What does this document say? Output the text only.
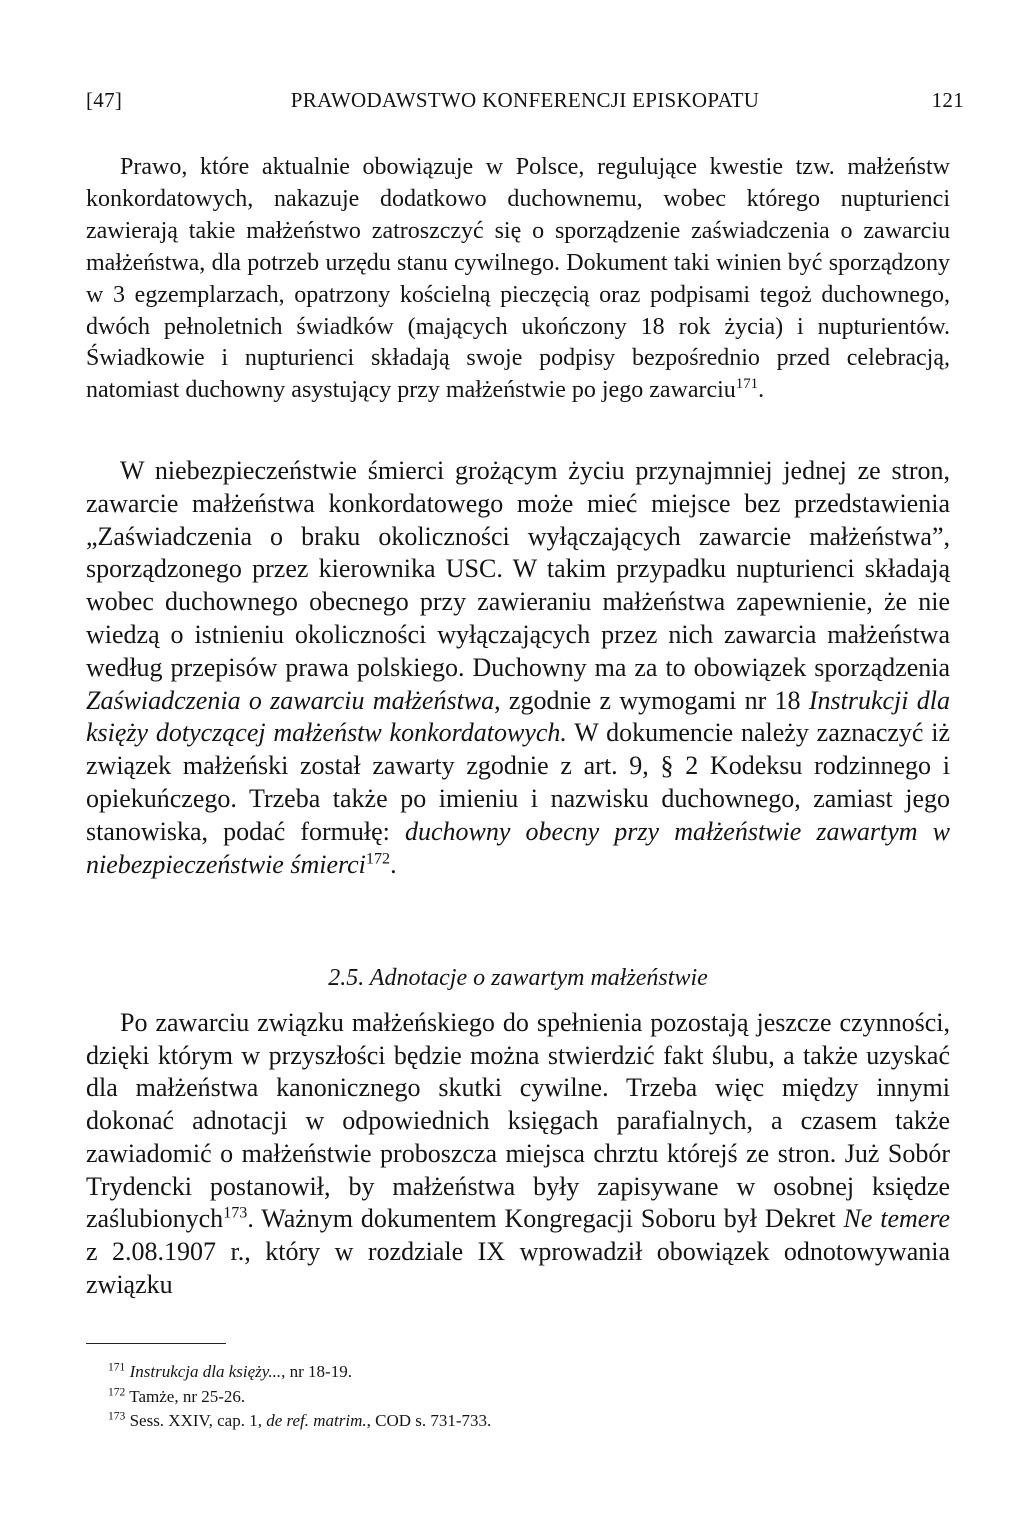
[47]	PRAWODAWSTWO KONFERENCJI EPISKOPATU	121

Prawo, które aktualnie obowiązuje w Polsce, regulujące kwestie tzw. małżeństw konkordatowych, nakazuje dodatkowo duchownemu, wobec którego nupturienci zawierają takie małżeństwo zatroszczyć się o sporządzenie zaświadczenia o zawarciu małżeństwa, dla potrzeb urzędu stanu cywilnego. Dokument taki winien być sporządzony w 3 egzemplarzach, opatrzony kościelną pieczęcią oraz podpisami tegoż duchownego, dwóch pełnoletnich świadków (mających ukończony 18 rok życia) i nupturientów. Świadkowie i nupturienci składają swoje podpisy bezpośrednio przed celebracją, natomiast duchowny asystujący przy małżeństwie po jego zawarciu$^{171}$.

W niebezpieczeństwie śmierci grożącym życiu przynajmniej jednej ze stron, zawarcie małżeństwa konkordatowego może mieć miejsce bez przedstawienia „Zaświadczenia o braku okoliczności wyłączających zawarcie małżeństwa”, sporządzonego przez kierownika USC. W takim przypadku nupturienci składają wobec duchownego obecnego przy zawieraniu małżeństwa zapewnienie, że nie wiedzą o istnieniu okoliczności wyłączających przez nich zawarcia małżeństwa według przepisów prawa polskiego. Duchowny ma za to obowiązek sporządzenia Zaświadczenia o zawarciu małżeństwa, zgodnie z wymogami nr 18 Instrukcji dla księży dotyczącej małżeństw konkordatowych. W dokumencie należy zaznaczyć iż związek małżeński został zawarty zgodnie z art. 9, § 2 Kodeksu rodzinnego i opiekuńczego. Trzeba także po imieniu i nazwisku duchownego, zamiast jego stanowiska, podać formułę: duchowny obecny przy małżeństwie zawartym w niebezpieczeństwie śmierci$^{172}$.

2.5. Adnotacje o zawartym małżeństwie

Po zawarciu związku małżeńskiego do spełnienia pozostają jeszcze czynności, dzięki którym w przyszłości będzie można stwierdzić fakt ślubu, a także uzyskać dla małżeństwa kanonicznego skutki cywilne. Trzeba więc między innymi dokonać adnotacji w odpowiednich księgach parafialnych, a czasem także zawiadomić o małżeństwie proboszcza miejsca chrztu którejś ze stron. Już Sobór Trydencki postanowił, by małżeństwa były zapisywane w osobnej księdze zaślubionych$^{173}$. Ważnym dokumentem Kongregacji Soboru był Dekret Ne temere z 2.08.1907 r., który w rozdziale IX wprowadził obowiązek odnotowywania związku

$^{171}$ Instrukcja dla księży..., nr 18-19.
$^{172}$ Tamże, nr 25-26.
$^{173}$ Sess. XXIV, cap. 1, de ref. matrim., COD s. 731-733.
